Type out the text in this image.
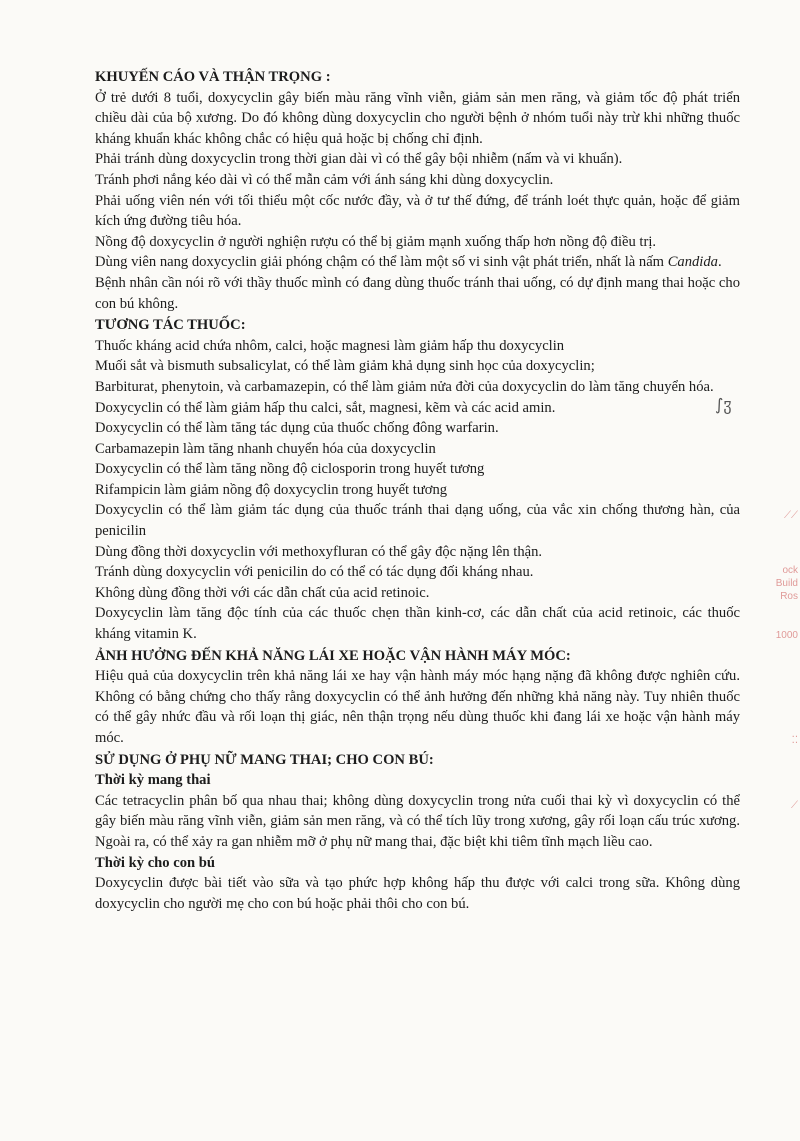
KHUYẾN CÁO VÀ THẬN TRỌNG :

Ở trẻ dưới 8 tuổi, doxycyclin gây biến màu răng vĩnh viễn, giảm sản men răng, và giảm tốc độ phát triển chiều dài của bộ xương. Do đó không dùng doxycyclin cho người bệnh ở nhóm tuổi này trừ khi những thuốc kháng khuẩn khác không chắc có hiệu quả hoặc bị chống chỉ định.

Phải tránh dùng doxycyclin trong thời gian dài vì có thể gây bội nhiễm (nấm và vi khuẩn).

Tránh phơi nắng kéo dài vì có thể mẫn cảm với ánh sáng khi dùng doxycyclin.

Phải uống viên nén với tối thiểu một cốc nước đầy, và ở tư thế đứng, để tránh loét thực quản, hoặc để giảm kích ứng đường tiêu hóa.

Nồng độ doxycyclin ở người nghiện rượu có thể bị giảm mạnh xuống thấp hơn nồng độ điều trị.

Dùng viên nang doxycyclin giải phóng chậm có thể làm một số vi sinh vật phát triển, nhất là nấm Candida.

Bệnh nhân cần nói rõ với thầy thuốc mình có đang dùng thuốc tránh thai uống, có dự định mang thai hoặc cho con bú không.

TƯƠNG TÁC THUỐC:

Thuốc kháng acid chứa nhôm, calci, hoặc magnesi làm giảm hấp thu doxycyclin

Muối sắt và bismuth subsalicylat, có thể làm giảm khả dụng sinh học của doxycyclin;

Barbiturat, phenytoin, và carbamazepin, có thể làm giảm nửa đời của doxycyclin do làm tăng chuyển hóa.

Doxycyclin có thể làm giảm hấp thu calci, sắt, magnesi, kẽm và các acid amin.

Doxycyclin có thể làm tăng tác dụng của thuốc chống đông warfarin.

Carbamazepin làm tăng nhanh chuyển hóa của doxycyclin

Doxycyclin có thể làm tăng nồng độ ciclosporin trong huyết tương

Rifampicin làm giảm nồng độ doxycyclin trong huyết tương

Doxycyclin có thể làm giảm tác dụng của thuốc tránh thai dạng uống, của vắc xin chống thương hàn, của penicilin

Dùng đồng thời doxycyclin với methoxyfluran có thể gây độc nặng lên thận.

Tránh dùng doxycyclin với penicilin do có thể có tác dụng đối kháng nhau.

Không dùng đồng thời với các dẫn chất của acid retinoic.

Doxycyclin làm tăng độc tính của các thuốc chẹn thần kinh-cơ, các dẫn chất của acid retinoic, các thuốc kháng vitamin K.

ẢNH HƯỞNG ĐẾN KHẢ NĂNG LÁI XE HOẶC VẬN HÀNH MÁY MÓC:

Hiệu quả của doxycyclin trên khả năng lái xe hay vận hành máy móc hạng nặng đã không được nghiên cứu. Không có bằng chứng cho thấy rằng doxycyclin có thể ảnh hưởng đến những khả năng này. Tuy nhiên thuốc có thể gây nhức đầu và rối loạn thị giác, nên thận trọng nếu dùng thuốc khi đang lái xe hoặc vận hành máy móc.

SỬ DỤNG Ở PHỤ NỮ MANG THAI; CHO CON BÚ:

Thời kỳ mang thai

Các tetracyclin phân bố qua nhau thai; không dùng doxycyclin trong nửa cuối thai kỳ vì doxycyclin có thể gây biến màu răng vĩnh viễn, giảm sản men răng, và có thể tích lũy trong xương, gây rối loạn cấu trúc xương. Ngoài ra, có thể xảy ra gan nhiễm mỡ ở phụ nữ mang thai, đặc biệt khi tiêm tĩnh mạch liều cao.

Thời kỳ cho con bú

Doxycyclin được bài tiết vào sữa và tạo phức hợp không hấp thu được với calci trong sữa. Không dùng doxycyclin cho người mẹ cho con bú hoặc phải thôi cho con bú.

∫ჳ
⟋⟋
ock
Build
Ros
1000
⁚⁚
⟋
